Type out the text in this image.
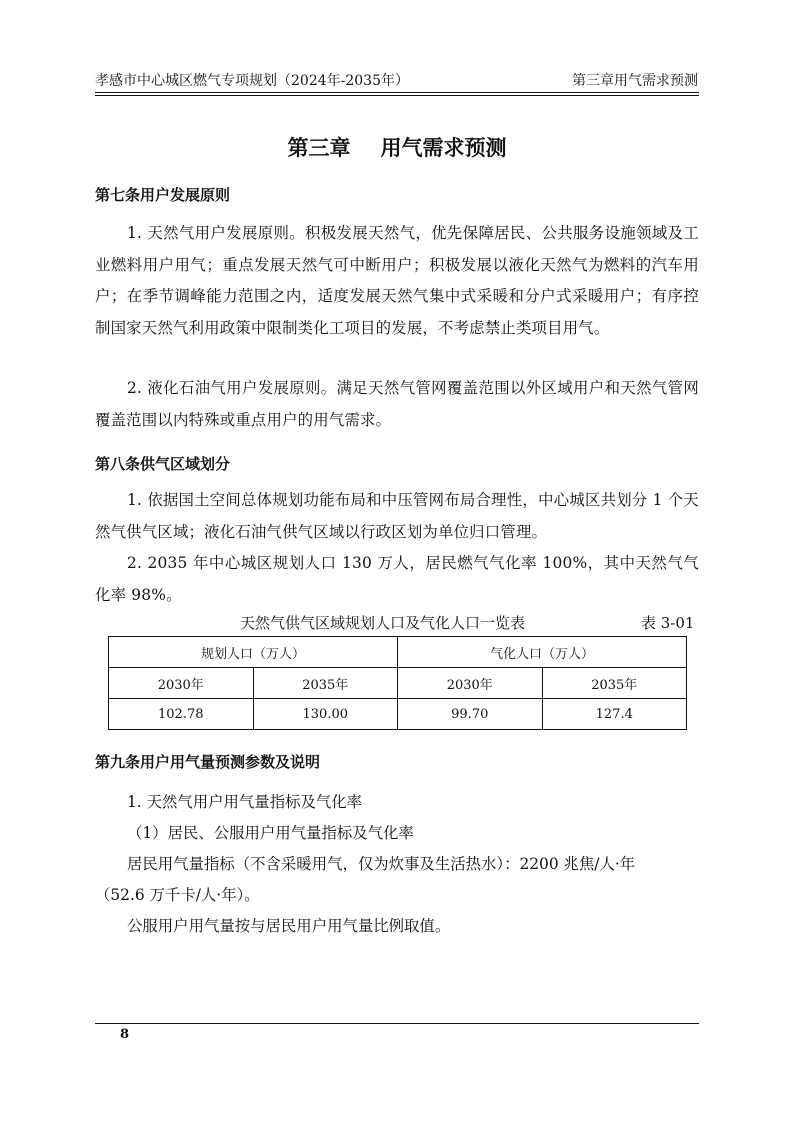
孝感市中心城区燃气专项规划（2024年-2035年）	第三章用气需求预测
第三章 用气需求预测
第七条用户发展原则
1. 天然气用户发展原则。积极发展天然气，优先保障居民、公共服务设施领域及工业燃料用户用气；重点发展天然气可中断用户；积极发展以液化天然气为燃料的汽车用户；在季节调峰能力范围之内，适度发展天然气集中式采暖和分户式采暖用户；有序控制国家天然气利用政策中限制类化工项目的发展，不考虑禁止类项目用气。
2. 液化石油气用户发展原则。满足天然气管网覆盖范围以外区域用户和天然气管网覆盖范围以内特殊或重点用户的用气需求。
第八条供气区域划分
1. 依据国土空间总体规划功能布局和中压管网布局合理性，中心城区共划分 1 个天然气供气区域；液化石油气供气区域以行政区划为单位归口管理。
2. 2035 年中心城区规划人口 130 万人，居民燃气气化率 100%，其中天然气气化率 98%。
天然气供气区域规划人口及气化人口一览表	表 3-01
规划人口（万人）		气化人口（万人）	
2030年	2035年	2030年	2035年
102.78	130.00	99.70	127.4
第九条用户用气量预测参数及说明
1. 天然气用户用气量指标及气化率
（1）居民、公服用户用气量指标及气化率
居民用气量指标（不含采暖用气，仅为炊事及生活热水）：2200 兆焦/人·年
（52.6 万千卡/人·年）。
公服用户用气量按与居民用户用气量比例取值。
8
